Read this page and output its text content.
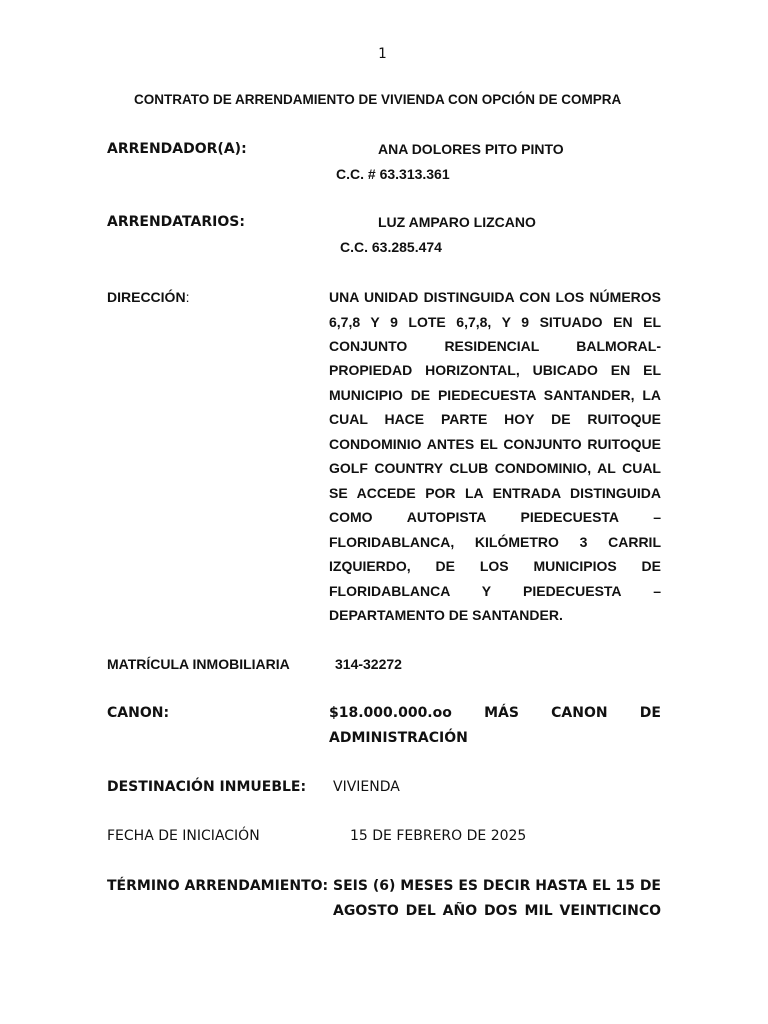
1
CONTRATO DE ARRENDAMIENTO DE VIVIENDA CON OPCIÓN DE COMPRA
ARRENDADOR(A):	ANA DOLORES PITO PINTO
C.C. # 63.313.361
ARRENDATARIOS:	LUZ AMPARO LIZCANO
C.C. 63.285.474
DIRECCIÓN:	UNA UNIDAD DISTINGUIDA CON LOS NÚMEROS
6,7,8 Y 9 LOTE 6,7,8, Y 9 SITUADO EN EL
CONJUNTO RESIDENCIAL BALMORAL-
PROPIEDAD HORIZONTAL, UBICADO EN EL
MUNICIPIO DE PIEDECUESTA SANTANDER, LA
CUAL HACE PARTE HOY DE RUITOQUE
CONDOMINIO ANTES EL CONJUNTO RUITOQUE
GOLF COUNTRY CLUB CONDOMINIO, AL CUAL
SE ACCEDE POR LA ENTRADA DISTINGUIDA
COMO AUTOPISTA PIEDECUESTA –
FLORIDABLANCA, KILÓMETRO 3 CARRIL
IZQUIERDO, DE LOS MUNICIPIOS DE
FLORIDABLANCA Y PIEDECUESTA –
DEPARTAMENTO DE SANTANDER.
MATRÍCULA INMOBILIARIA	314-32272
CANON:	$18.000.000.oo MÁS CANON DE
ADMINISTRACIÓN
DESTINACIÓN INMUEBLE: VIVIENDA
FECHA DE INICIACIÓN	15 DE FEBRERO DE 2025
TÉRMINO ARRENDAMIENTO: SEIS (6) MESES ES DECIR HASTA EL 15 DE
AGOSTO DEL AÑO DOS MIL VEINTICINCO
